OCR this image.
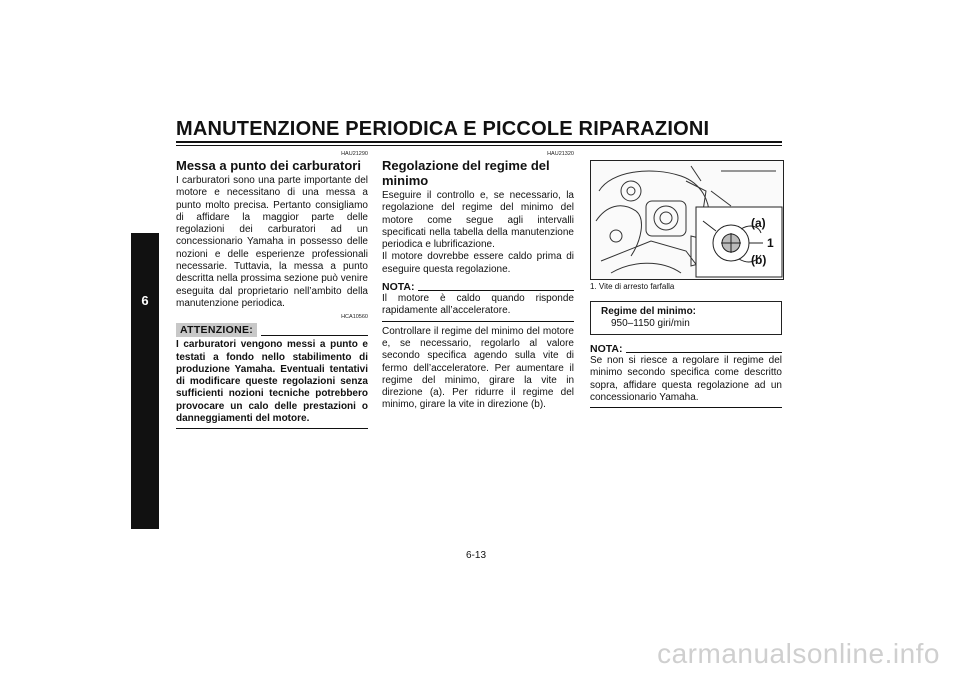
MANUTENZIONE PERIODICA E PICCOLE RIPARAZIONI
6
HAU21290
Messa a punto dei carburatori

I carburatori sono una parte importante del motore e necessitano di una messa a punto molto precisa. Pertanto consigliamo di affidare la maggior parte delle regolazioni dei carburatori ad un concessionario Yamaha in possesso delle nozioni e delle esperienze professionali necessarie. Tuttavia, la messa a punto descritta nella prossima sezione può venire eseguita dal proprietario nell’ambito della manutenzione periodica.

HCA10560
ATTENZIONE:
I carburatori vengono messi a punto e testati a fondo nello stabilimento di produzione Yamaha. Eventuali tentativi di modificare queste regolazioni senza sufficienti nozioni tecniche potrebbero provocare un calo delle prestazioni o danneggiamenti del motore.
HAU21320
Regolazione del regime del minimo

Eseguire il controllo e, se necessario, la regolazione del regime del minimo del motore come segue agli intervalli specificati nella tabella della manutenzione periodica e lubrificazione.

Il motore dovrebbe essere caldo prima di eseguire questa regolazione.

NOTA:

Il motore è caldo quando risponde rapidamente all’acceleratore.

Controllare il regime del minimo del motore e, se necessario, regolarlo al valore secondo specifica agendo sulla vite di fermo dell’acceleratore. Per aumentare il regime del minimo, girare la vite in direzione (a). Per ridurre il regime del minimo, girare la vite in direzione (b).

(a)
1
(b)
1. Vite di arresto farfalla
Regime del minimo:
950–1150 giri/min
NOTA:

Se non si riesce a regolare il regime del minimo secondo specifica come descritto sopra, affidare questa regolazione ad un concessionario Yamaha.

6-13
carmanualsonline.info
